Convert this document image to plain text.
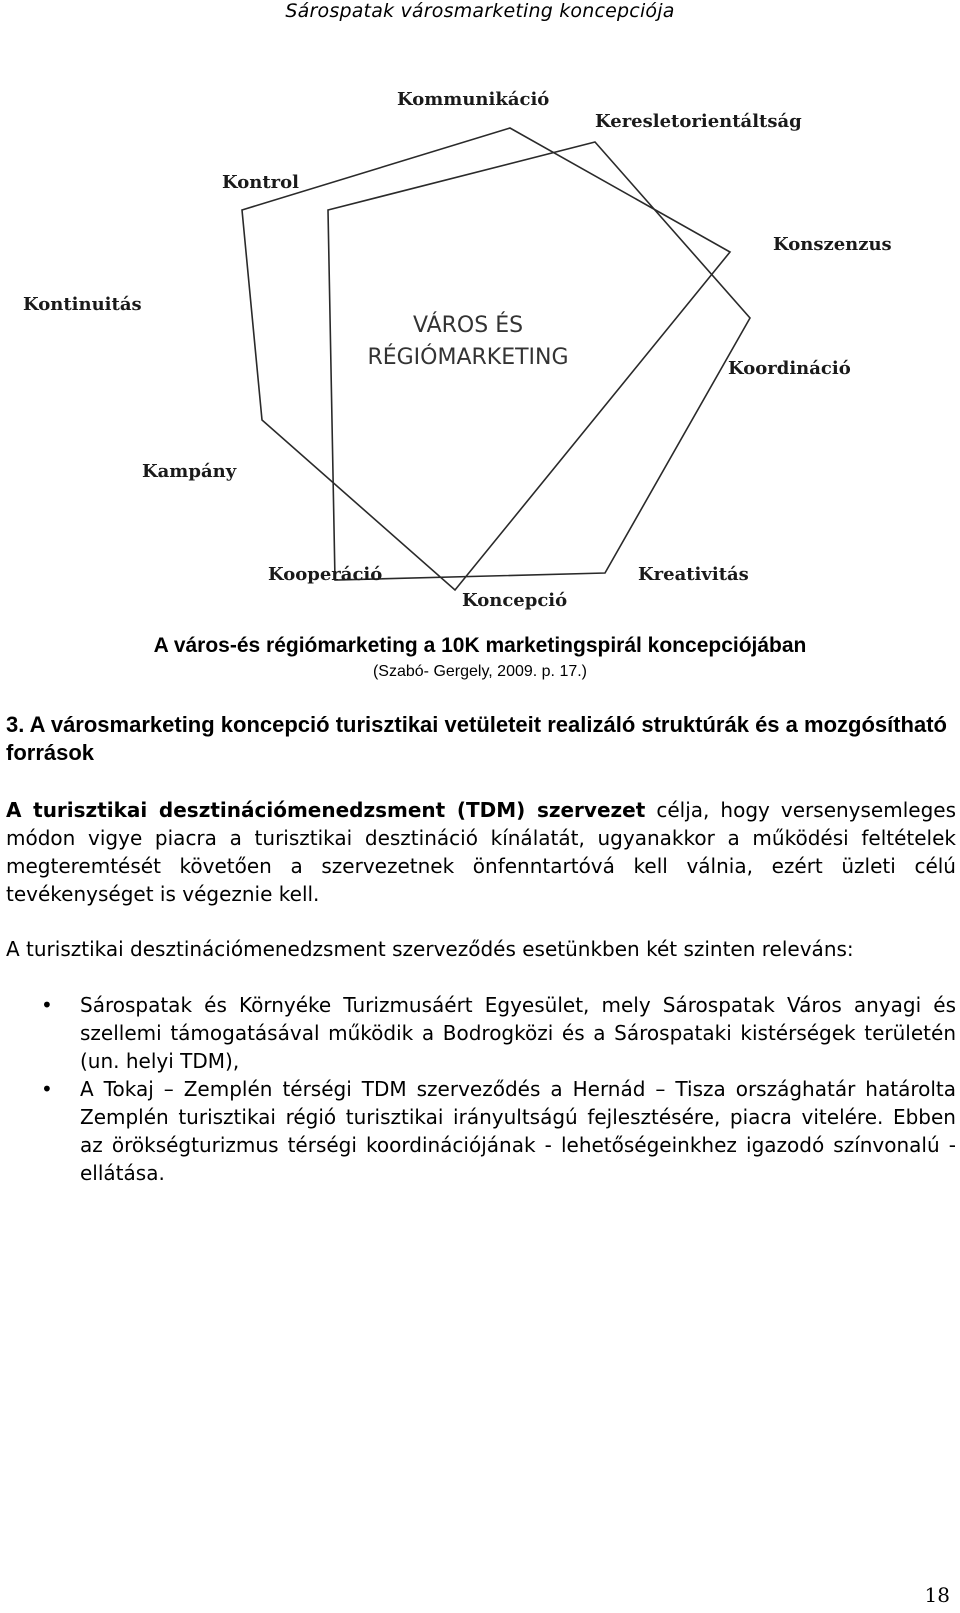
Sárospatak városmarketing koncepciója
VÁROS ÉS
RÉGIÓMARKETING
Kommunikáció
Keresletorientáltság
Kontrol
Konszenzus
Kontinuitás
Koordináció
Kampány
Kooperáció	Kreativitás
Koncepció
A város-és régiómarketing a 10K marketingspirál koncepciójában
(Szabó- Gergely, 2009. p. 17.)
3. A városmarketing koncepció turisztikai vetületeit realizáló struktúrák és a mozgósítható források
A turisztikai desztinációmenedzsment (TDM) szervezet célja, hogy versenysemleges módon vigye piacra a turisztikai desztináció kínálatát, ugyanakkor a működési feltételek megteremtését követően a szervezetnek önfenntartóvá kell válnia, ezért üzleti célú tevékenységet is végeznie kell.
A turisztikai desztinációmenedzsment szerveződés esetünkben két szinten releváns:
• Sárospatak és Környéke Turizmusáért Egyesület, mely Sárospatak Város anyagi és szellemi támogatásával működik a Bodrogközi és a Sárospataki kistérségek területén (un. helyi TDM),
• A Tokaj – Zemplén térségi TDM szerveződés a Hernád – Tisza országhatár határolta Zemplén turisztikai régió turisztikai irányultságú fejlesztésére, piacra vitelére. Ebben az örökségturizmus térségi koordinációjának - lehetőségeinkhez igazodó színvonalú - ellátása.
18
